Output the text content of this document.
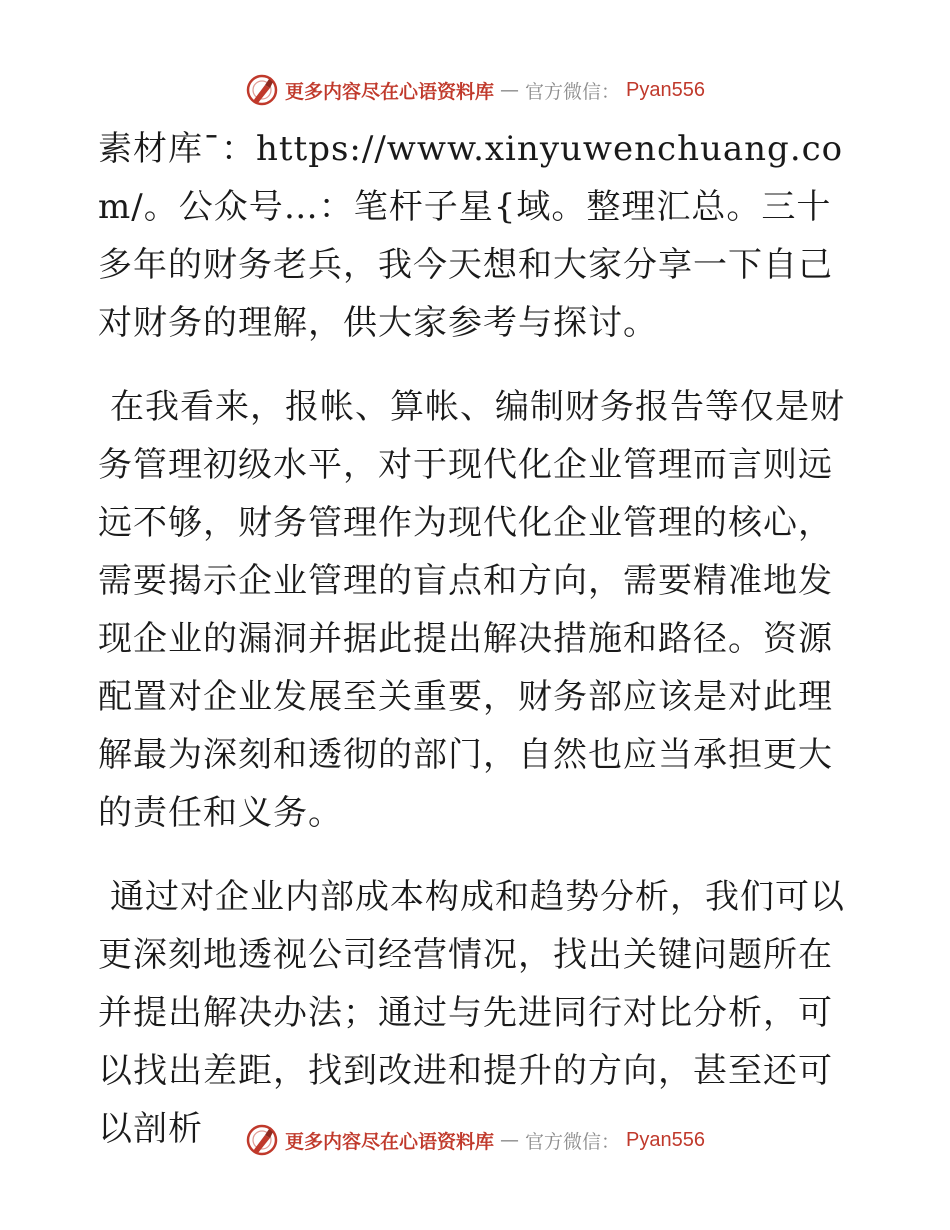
更多内容尽在心语资料库 — 官方微信： Pyan556

素材库¯：https://www.xinyuwenchuang.com/。公众号…：笔杆子星{域。整理汇总。三十多年的财务老兵，我今天想和大家分享一下自己对财务的理解，供大家参考与探讨。

在我看来，报帐、算帐、编制财务报告等仅是财务管理初级水平，对于现代化企业管理而言则远远不够，财务管理作为现代化企业管理的核心，需要揭示企业管理的盲点和方向，需要精准地发现企业的漏洞并据此提出解决措施和路径。资源配置对企业发展至关重要，财务部应该是对此理解最为深刻和透彻的部门，自然也应当承担更大的责任和义务。

通过对企业内部成本构成和趋势分析，我们可以更深刻地透视公司经营情况，找出关键问题所在并提出解决办法；通过与先进同行对比分析，可以找出差距，找到改进和提升的方向，甚至还可以剖析	更多内容尽在心语资料库 — 官方微信： Pyan556
